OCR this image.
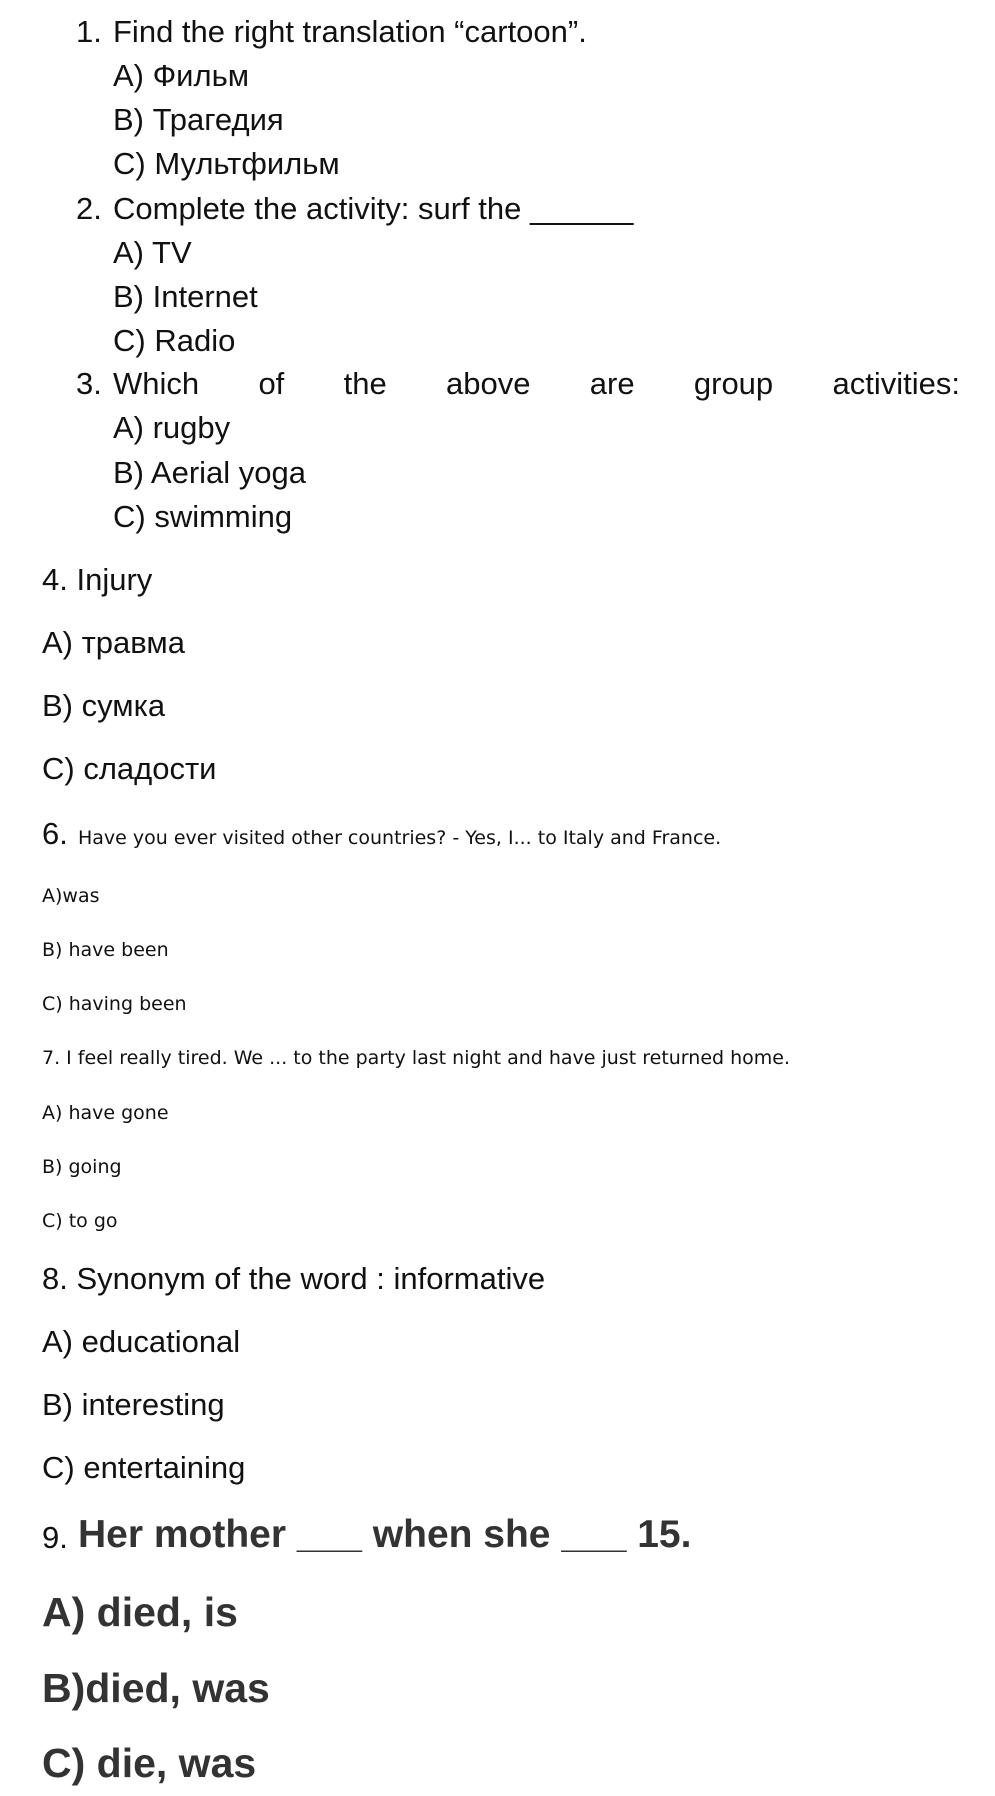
1. Find the right translation “cartoon”.
A) Фильм
B) Трагедия
C) Мультфильм
2. Complete the activity: surf the ______
A) TV
B) Internet
C) Radio
3. Which of the above are group activities:
A) rugby
B) Aerial yoga
C) swimming
4. Injury
A) травма
B) сумка
C) сладости
6. Have you ever visited other countries? - Yes, I... to Italy and France.
A)was
B) have been
C) having been
7. I feel really tired. We ... to the party last night and have just returned home.
A) have gone
B) going
C) to go
8. Synonym of the word : informative
A) educational
B) interesting
C) entertaining
9. Her mother ___ when she ___ 15.
A) died, is
B)died, was
C) die, was
